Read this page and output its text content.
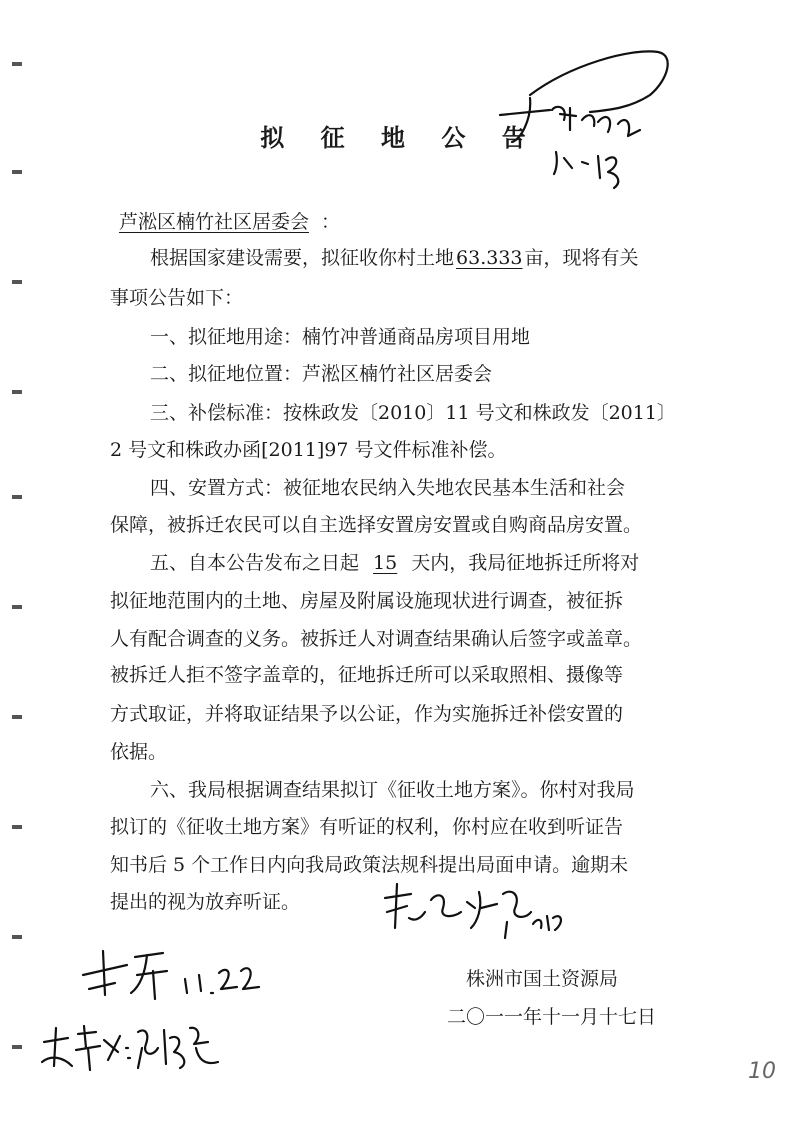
拟 征 地 公 告
芦淞区楠竹社区居委会 ：
根据国家建设需要，拟征收你村土地 63.333 亩，现将有关
事项公告如下：
一、拟征地用途：楠竹冲普通商品房项目用地
二、拟征地位置：芦淞区楠竹社区居委会
三、补偿标准：按株政发〔2010〕11 号文和株政发〔2011〕
2 号文和株政办函[2011]97 号文件标准补偿。
四、安置方式：被征地农民纳入失地农民基本生活和社会
保障，被拆迁农民可以自主选择安置房安置或自购商品房安置。
五、自本公告发布之日起 15 天内，我局征地拆迁所将对
拟征地范围内的土地、房屋及附属设施现状进行调查，被征拆
人有配合调查的义务。被拆迁人对调查结果确认后签字或盖章。
被拆迁人拒不签字盖章的，征地拆迁所可以采取照相、摄像等
方式取证，并将取证结果予以公证，作为实施拆迁补偿安置的
依据。
六、我局根据调查结果拟订《征收土地方案》。你村对我局
拟订的《征收土地方案》有听证的权利，你村应在收到听证告
知书后 5 个工作日内向我局政策法规科提出局面申请。逾期未
提出的视为放弃听证。
株洲市国土资源局
二〇一一年十一月十七日
10
